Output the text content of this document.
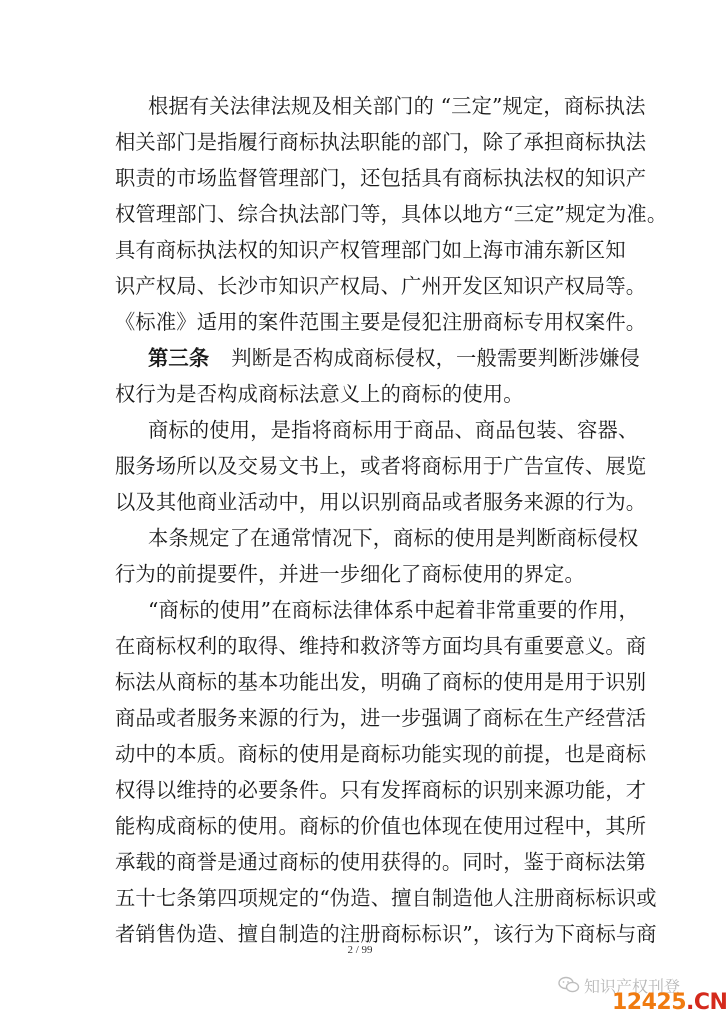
根据有关法律法规及相关部门的 “三定”规定，商标执法
相关部门是指履行商标执法职能的部门，除了承担商标执法
职责的市场监督管理部门，还包括具有商标执法权的知识产
权管理部门、综合执法部门等，具体以地方“三定”规定为准。
具有商标执法权的知识产权管理部门如上海市浦东新区知
识产权局、长沙市知识产权局、广州开发区知识产权局等。
《标准》适用的案件范围主要是侵犯注册商标专用权案件。
第三条 判断是否构成商标侵权，一般需要判断涉嫌侵
权行为是否构成商标法意义上的商标的使用。
商标的使用，是指将商标用于商品、商品包装、容器、
服务场所以及交易文书上，或者将商标用于广告宣传、展览
以及其他商业活动中，用以识别商品或者服务来源的行为。
本条规定了在通常情况下，商标的使用是判断商标侵权
行为的前提要件，并进一步细化了商标使用的界定。
“商标的使用”在商标法律体系中起着非常重要的作用，
在商标权利的取得、维持和救济等方面均具有重要意义。商
标法从商标的基本功能出发，明确了商标的使用是用于识别
商品或者服务来源的行为，进一步强调了商标在生产经营活
动中的本质。商标的使用是商标功能实现的前提，也是商标
权得以维持的必要条件。只有发挥商标的识别来源功能，才
能构成商标的使用。商标的价值也体现在使用过程中，其所
承载的商誉是通过商标的使用获得的。同时，鉴于商标法第
五十七条第四项规定的“伪造、擅自制造他人注册商标标识或
者销售伪造、擅自制造的注册商标标识”，该行为下商标与商
2 / 99
知识产权刊登
12425.CN
